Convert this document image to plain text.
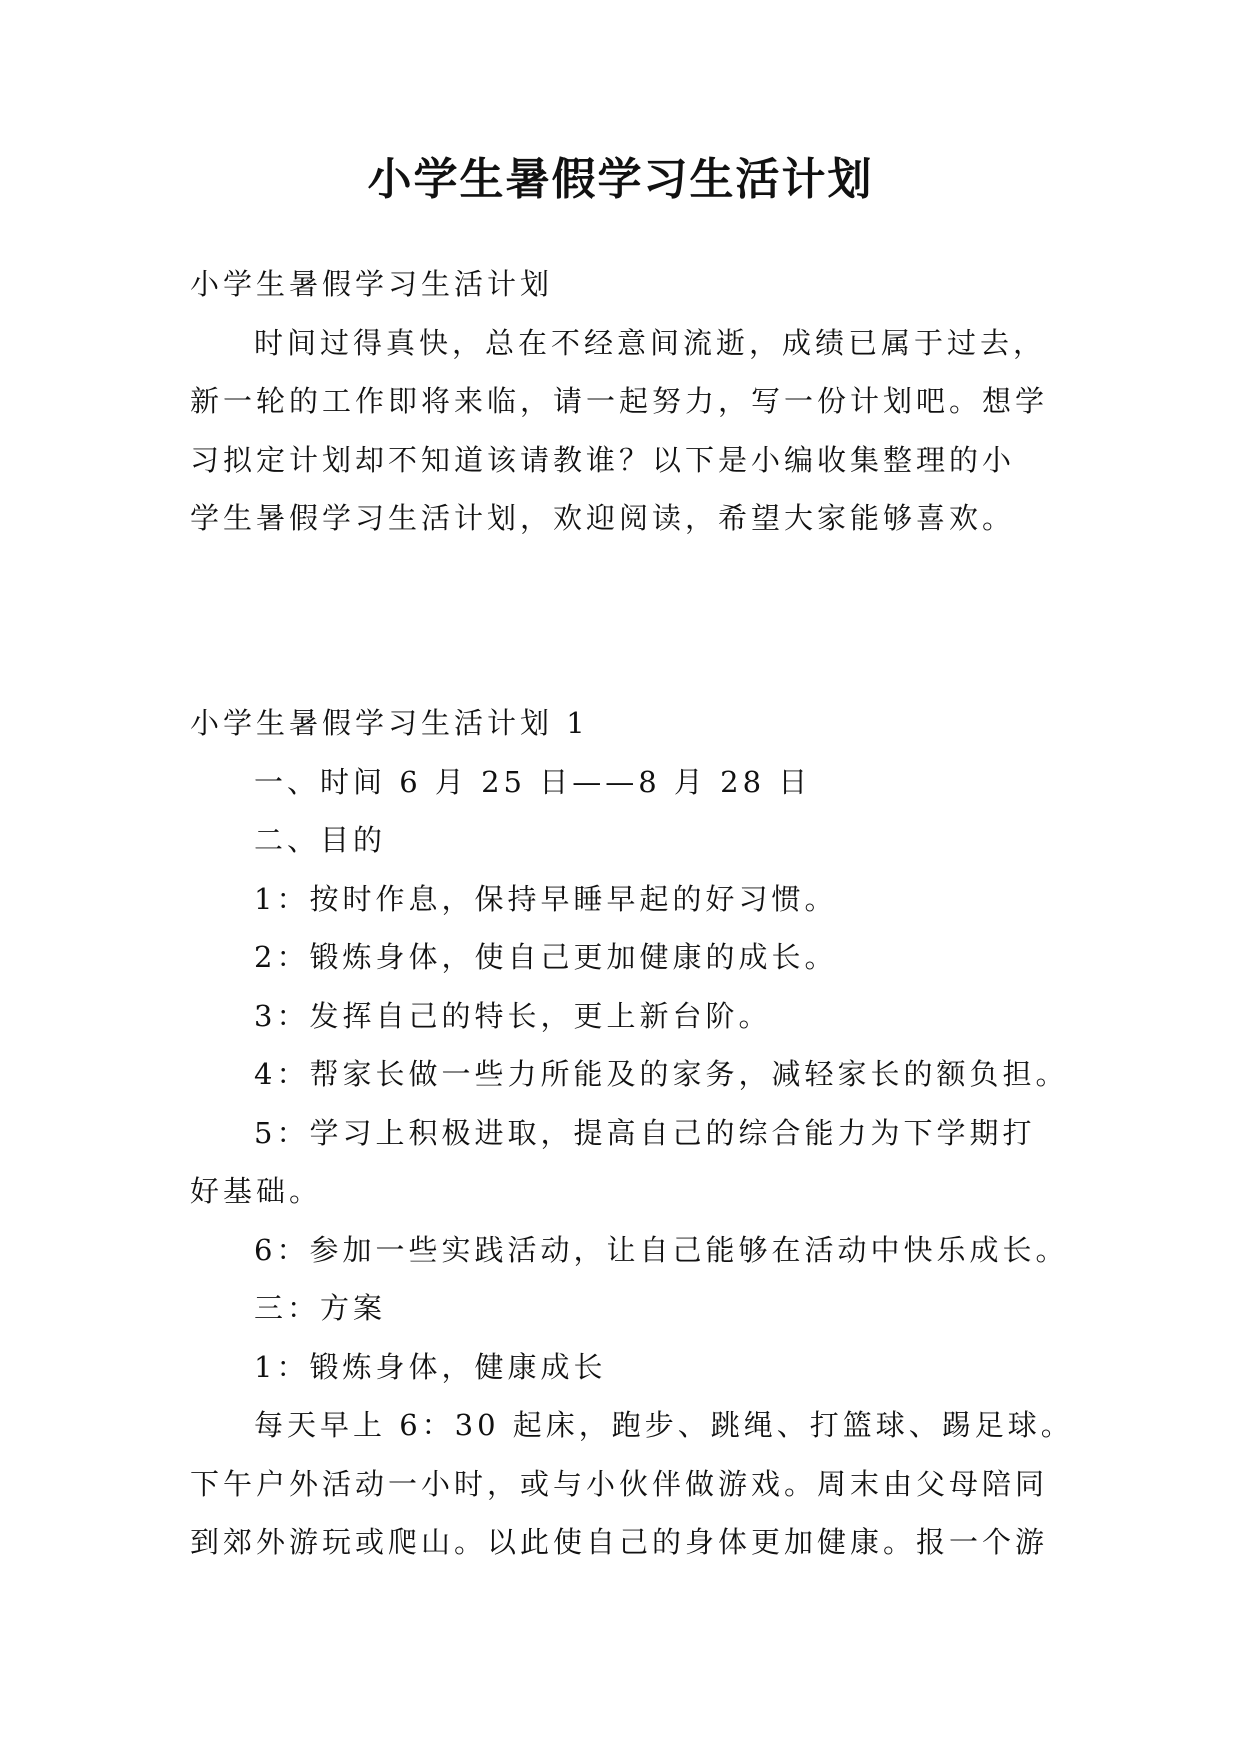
小学生暑假学习生活计划
小学生暑假学习生活计划
时间过得真快，总在不经意间流逝，成绩已属于过去，
新一轮的工作即将来临，请一起努力，写一份计划吧。想学
习拟定计划却不知道该请教谁？以下是小编收集整理的小
学生暑假学习生活计划，欢迎阅读，希望大家能够喜欢。
小学生暑假学习生活计划 1
一、时间 6 月 25 日——8 月 28 日
二、目的
1：按时作息，保持早睡早起的好习惯。
2：锻炼身体，使自己更加健康的成长。
3：发挥自己的特长，更上新台阶。
4：帮家长做一些力所能及的家务，减轻家长的额负担。
5：学习上积极进取，提高自己的综合能力为下学期打
好基础。
6：参加一些实践活动，让自己能够在活动中快乐成长。
三：方案
1：锻炼身体，健康成长
每天早上 6：30 起床，跑步、跳绳、打篮球、踢足球。
下午户外活动一小时，或与小伙伴做游戏。周末由父母陪同
到郊外游玩或爬山。以此使自己的身体更加健康。报一个游
